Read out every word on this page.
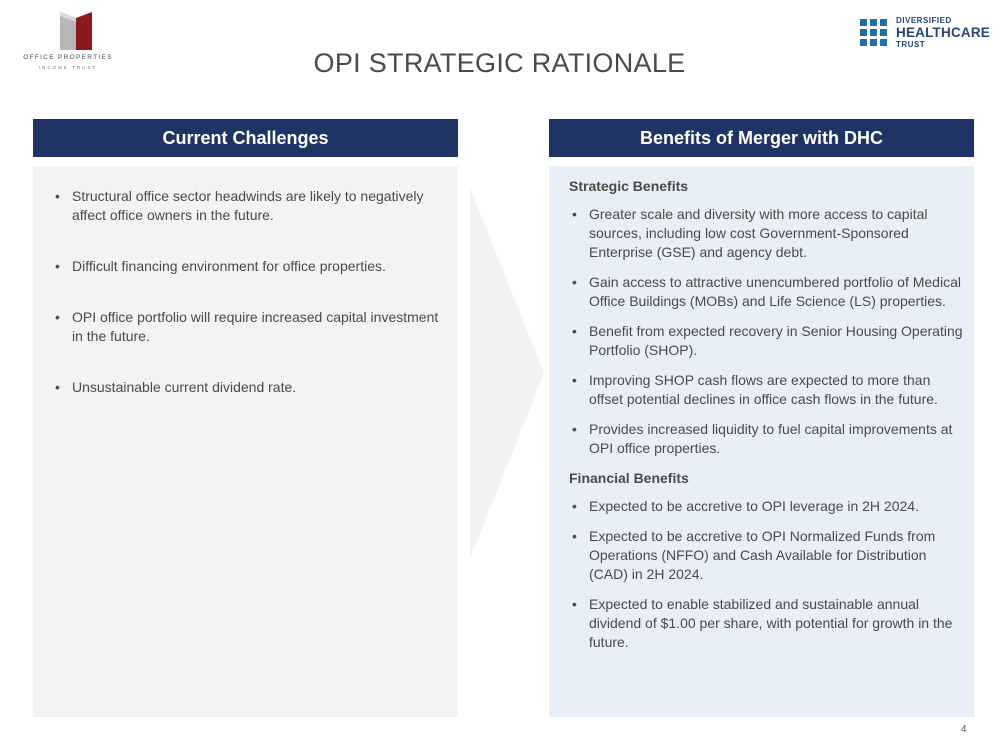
OFFICE PROPERTIES
INCOME TRUST
DIVERSIFIED
HEALTHCARE
TRUST
OPI STRATEGIC RATIONALE
Current Challenges
• Structural office sector headwinds are likely to negatively affect office owners in the future.
• Difficult financing environment for office properties.
• OPI office portfolio will require increased capital investment in the future.
• Unsustainable current dividend rate.
Benefits of Merger with DHC
Strategic Benefits
• Greater scale and diversity with more access to capital sources, including low cost Government-Sponsored Enterprise (GSE) and agency debt.
• Gain access to attractive unencumbered portfolio of Medical Office Buildings (MOBs) and Life Science (LS) properties.
• Benefit from expected recovery in Senior Housing Operating Portfolio (SHOP).
• Improving SHOP cash flows are expected to more than offset potential declines in office cash flows in the future.
• Provides increased liquidity to fuel capital improvements at OPI office properties.
Financial Benefits
• Expected to be accretive to OPI leverage in 2H 2024.
• Expected to be accretive to OPI Normalized Funds from Operations (NFFO) and Cash Available for Distribution (CAD) in 2H 2024.
• Expected to enable stabilized and sustainable annual dividend of $1.00 per share, with potential for growth in the future.
4
